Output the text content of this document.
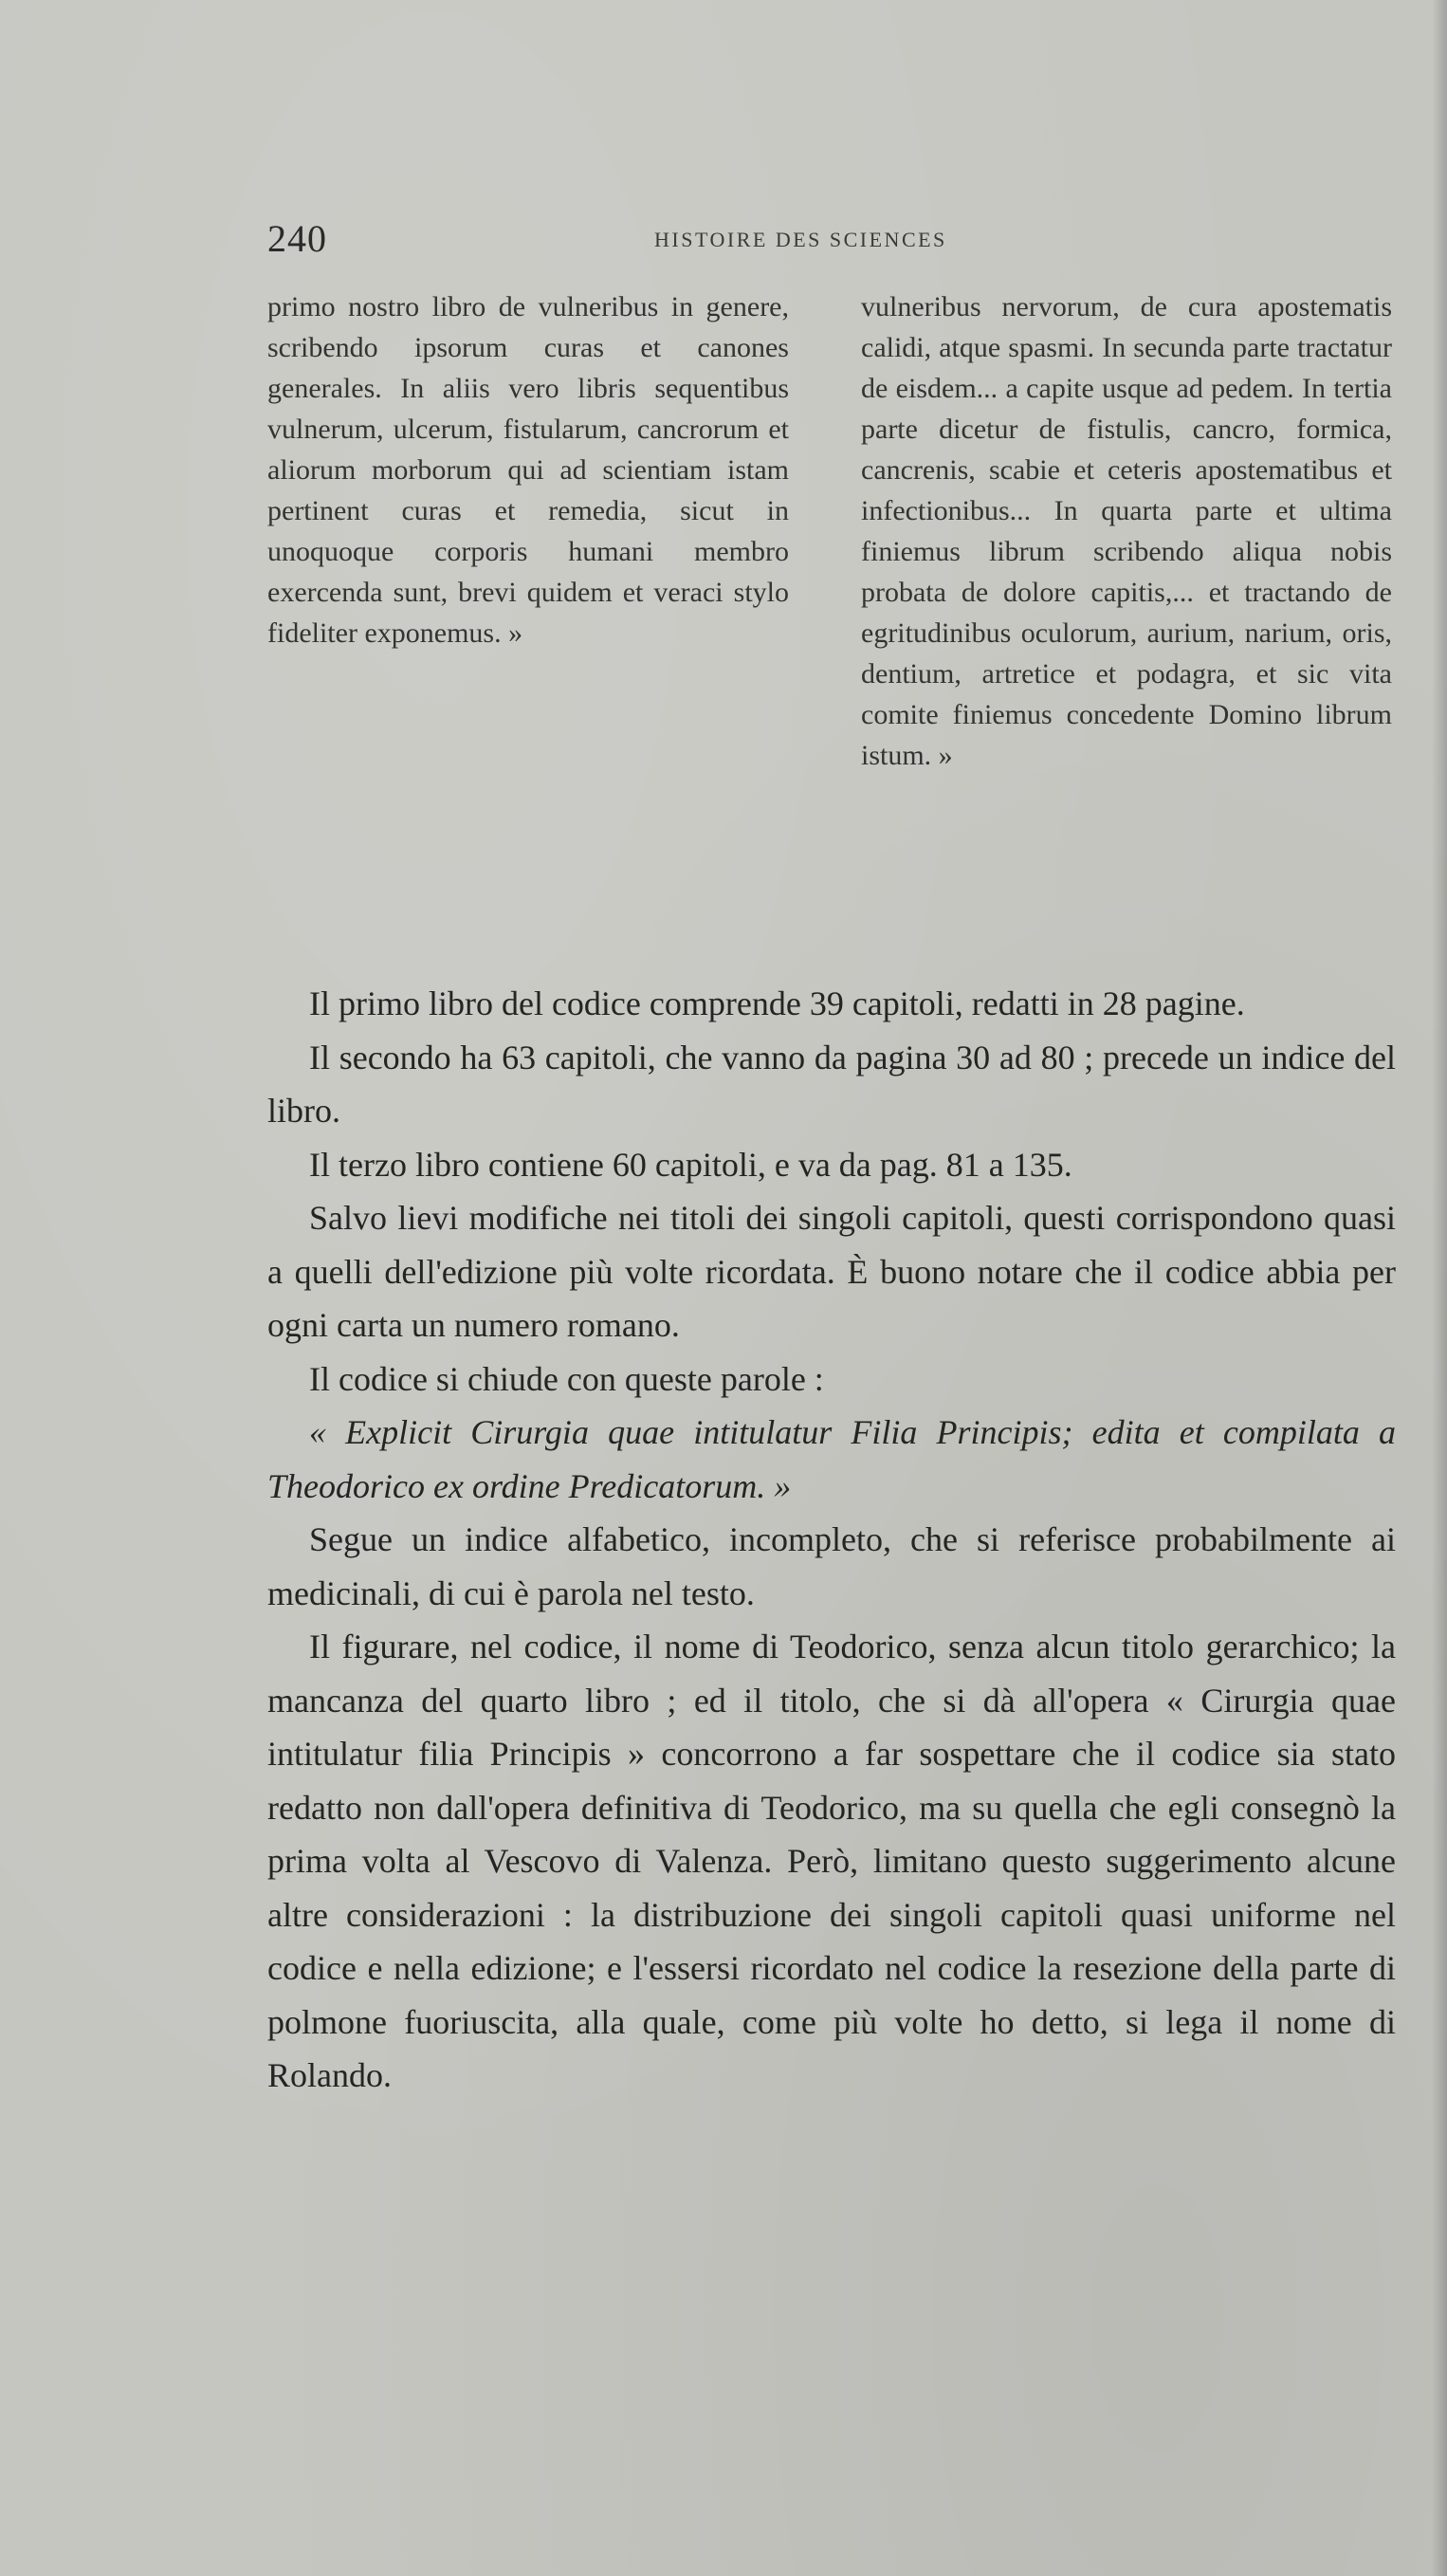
240	HISTOIRE DES SCIENCES

primo nostro libro de vulneribus in genere, scribendo ipsorum curas et canones generales. In aliis vero libris sequentibus vulnerum, ulcerum, fistularum, cancrorum et aliorum morborum qui ad scientiam istam pertinent curas et remedia, sicut in unoquoque corporis humani membro exercenda sunt, brevi quidem et veraci stylo fideliter exponemus. »

vulneribus nervorum, de cura apostematis calidi, atque spasmi. In secunda parte tractatur de eisdem... a capite usque ad pedem. In tertia parte dicetur de fistulis, cancro, formica, cancrenis, scabie et ceteris apostematibus et infectionibus... In quarta parte et ultima finiemus librum scribendo aliqua nobis probata de dolore capitis,... et tractando de egritudinibus oculorum, aurium, narium, oris, dentium, artretice et podagra, et sic vita comite finiemus concedente Domino librum istum. »

Il primo libro del codice comprende 39 capitoli, redatti in 28 pagine.

Il secondo ha 63 capitoli, che vanno da pagina 30 ad 80 ; precede un indice del libro.

Il terzo libro contiene 60 capitoli, e va da pag. 81 a 135.

Salvo lievi modifiche nei titoli dei singoli capitoli, questi corrispondono quasi a quelli dell'edizione più volte ricordata. È buono notare che il codice abbia per ogni carta un numero romano.

Il codice si chiude con queste parole :

« Explicit Cirurgia quae intitulatur Filia Principis; edita et compilata a Theodorico ex ordine Predicatorum. »

Segue un indice alfabetico, incompleto, che si referisce probabilmente ai medicinali, di cui è parola nel testo.

Il figurare, nel codice, il nome di Teodorico, senza alcun titolo gerarchico; la mancanza del quarto libro ; ed il titolo, che si dà all'opera « Cirurgia quae intitulatur filia Principis » concorrono a far sospettare che il codice sia stato redatto non dall'opera definitiva di Teodorico, ma su quella che egli consegnò la prima volta al Vescovo di Valenza. Però, limitano questo suggerimento alcune altre considerazioni : la distribuzione dei singoli capitoli quasi uniforme nel codice e nella edizione; e l'essersi ricordato nel codice la resezione della parte di polmone fuoriuscita, alla quale, come più volte ho detto, si lega il nome di Rolando.
